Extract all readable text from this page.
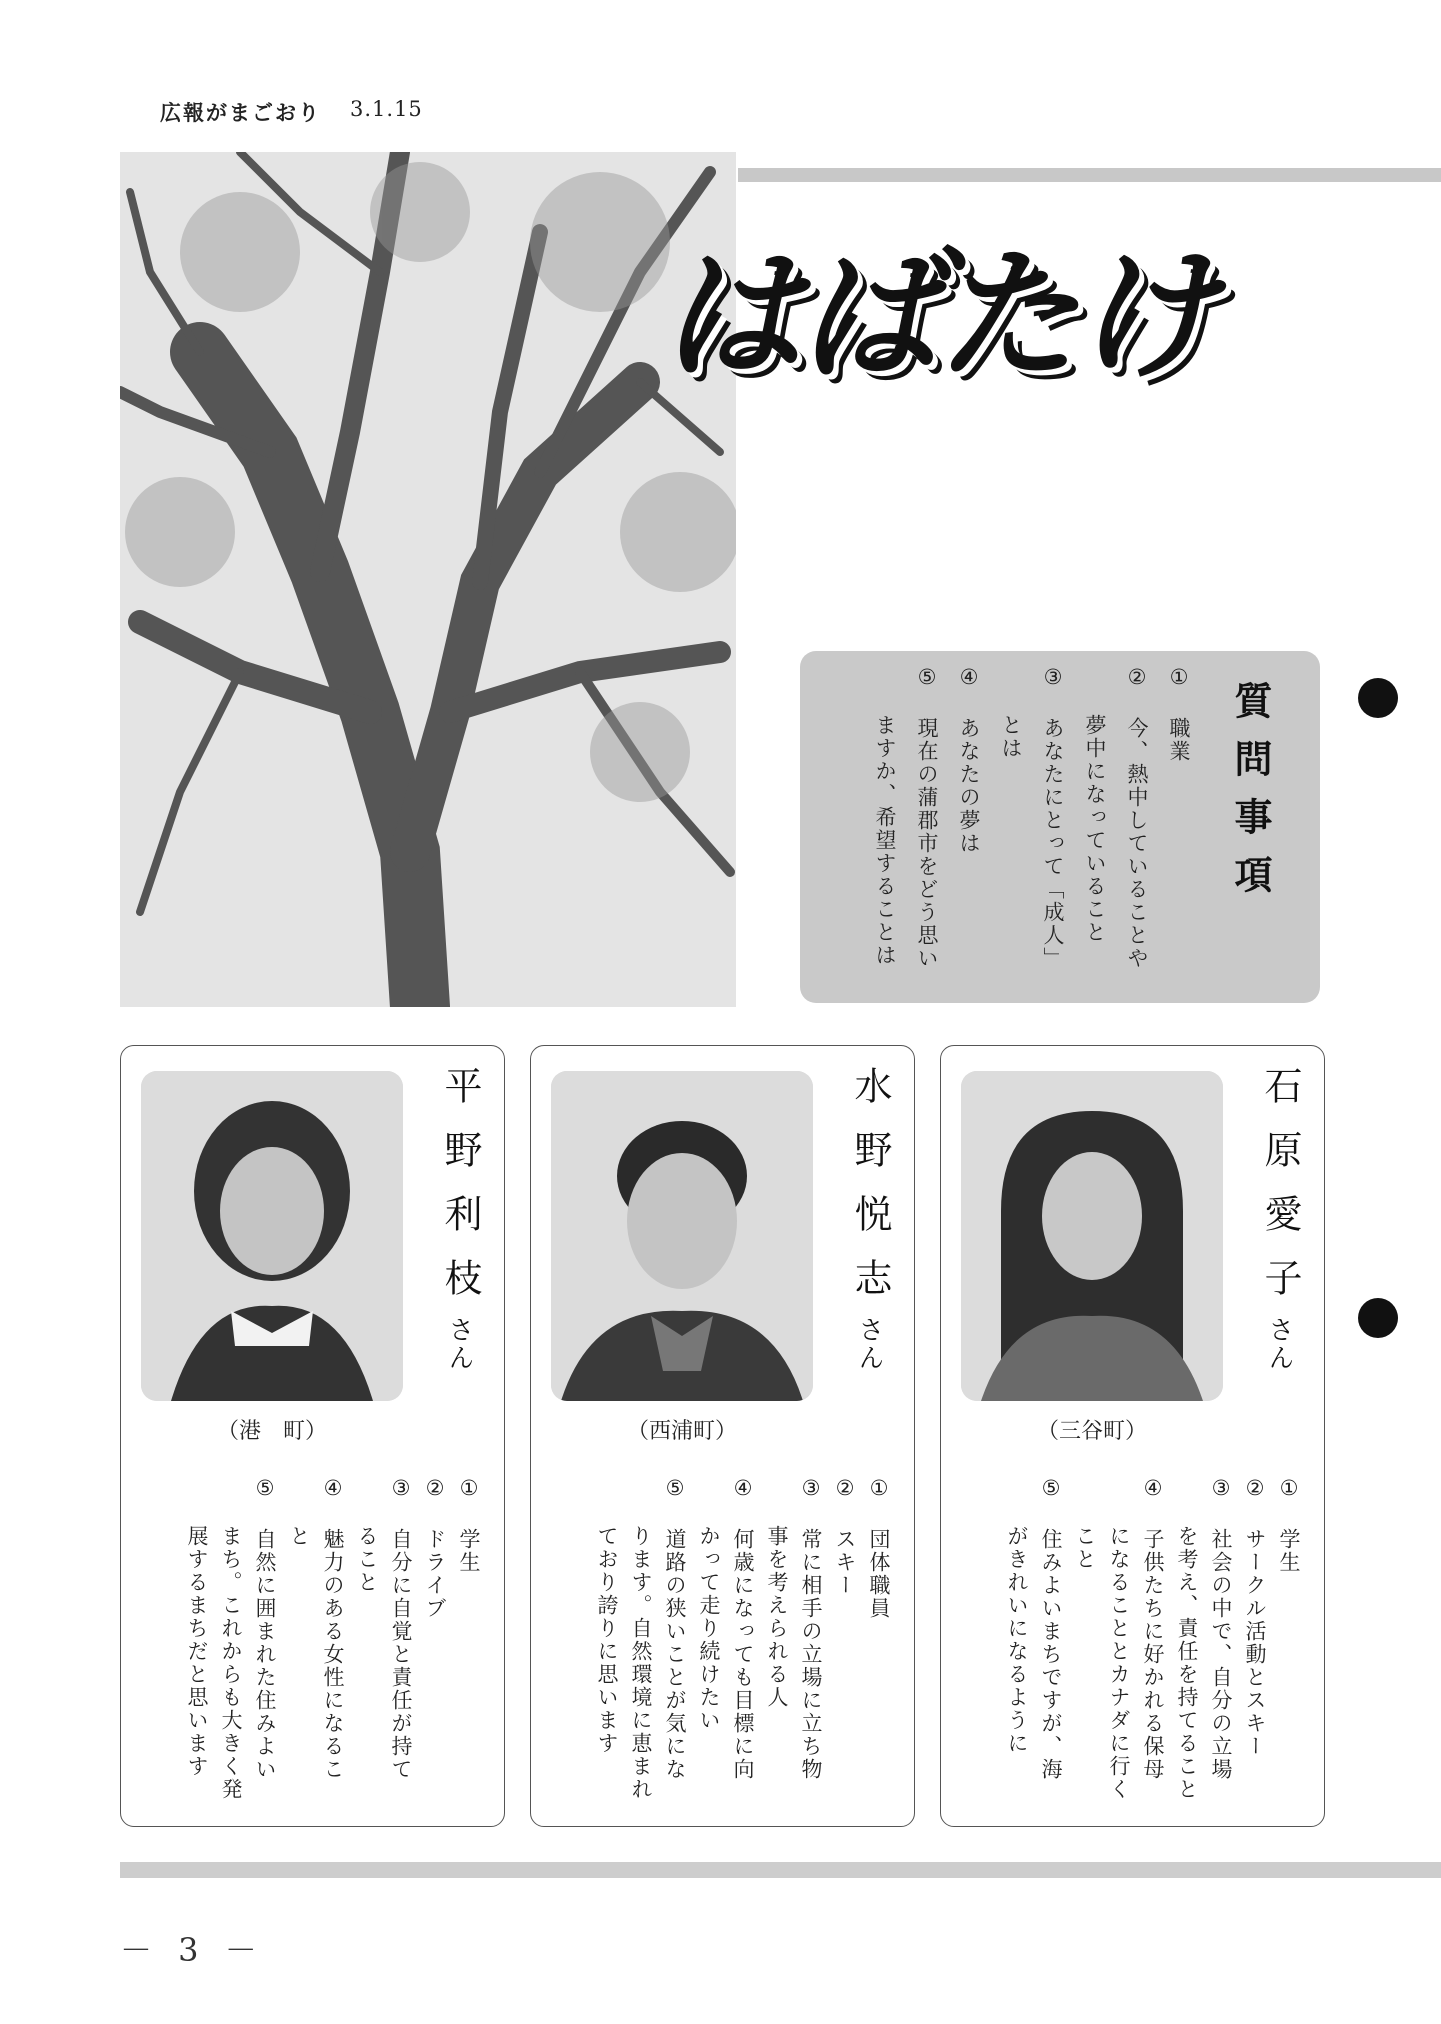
広報がまごおり 3.1.15
はばたけ
質問事項
① 職業
② 今、熱中していることや
　 夢中になっていること
③ あなたにとって「成人」
　 とは
④ あなたの夢は
⑤ 現在の蒲郡市をどう思い
　 ますか、希望することは
平野利枝
さん
（港　町）
① 学生
② ドライブ
③ 自分に自覚と責任が持て
　 ること
④ 魅力のある女性になるこ
　 と
⑤ 自然に囲まれた住みよい
　 まち。これからも大きく発
　 展するまちだと思います
水野悦志
さん
（西浦町）
① 団体職員
② スキー
③ 常に相手の立場に立ち物
　 事を考えられる人
④ 何歳になっても目標に向
　 かって走り続けたい
⑤ 道路の狭いことが気にな
　 ります。自然環境に恵まれ
　 ており誇りに思います
石原愛子
さん
（三谷町）
① 学生
② サークル活動とスキー
③ 社会の中で、自分の立場
　 を考え、責任を持てること
④ 子供たちに好かれる保母
　 になることとカナダに行く
　 こと
⑤ 住みよいまちですが、海
　 がきれいになるように
－ 3 －
